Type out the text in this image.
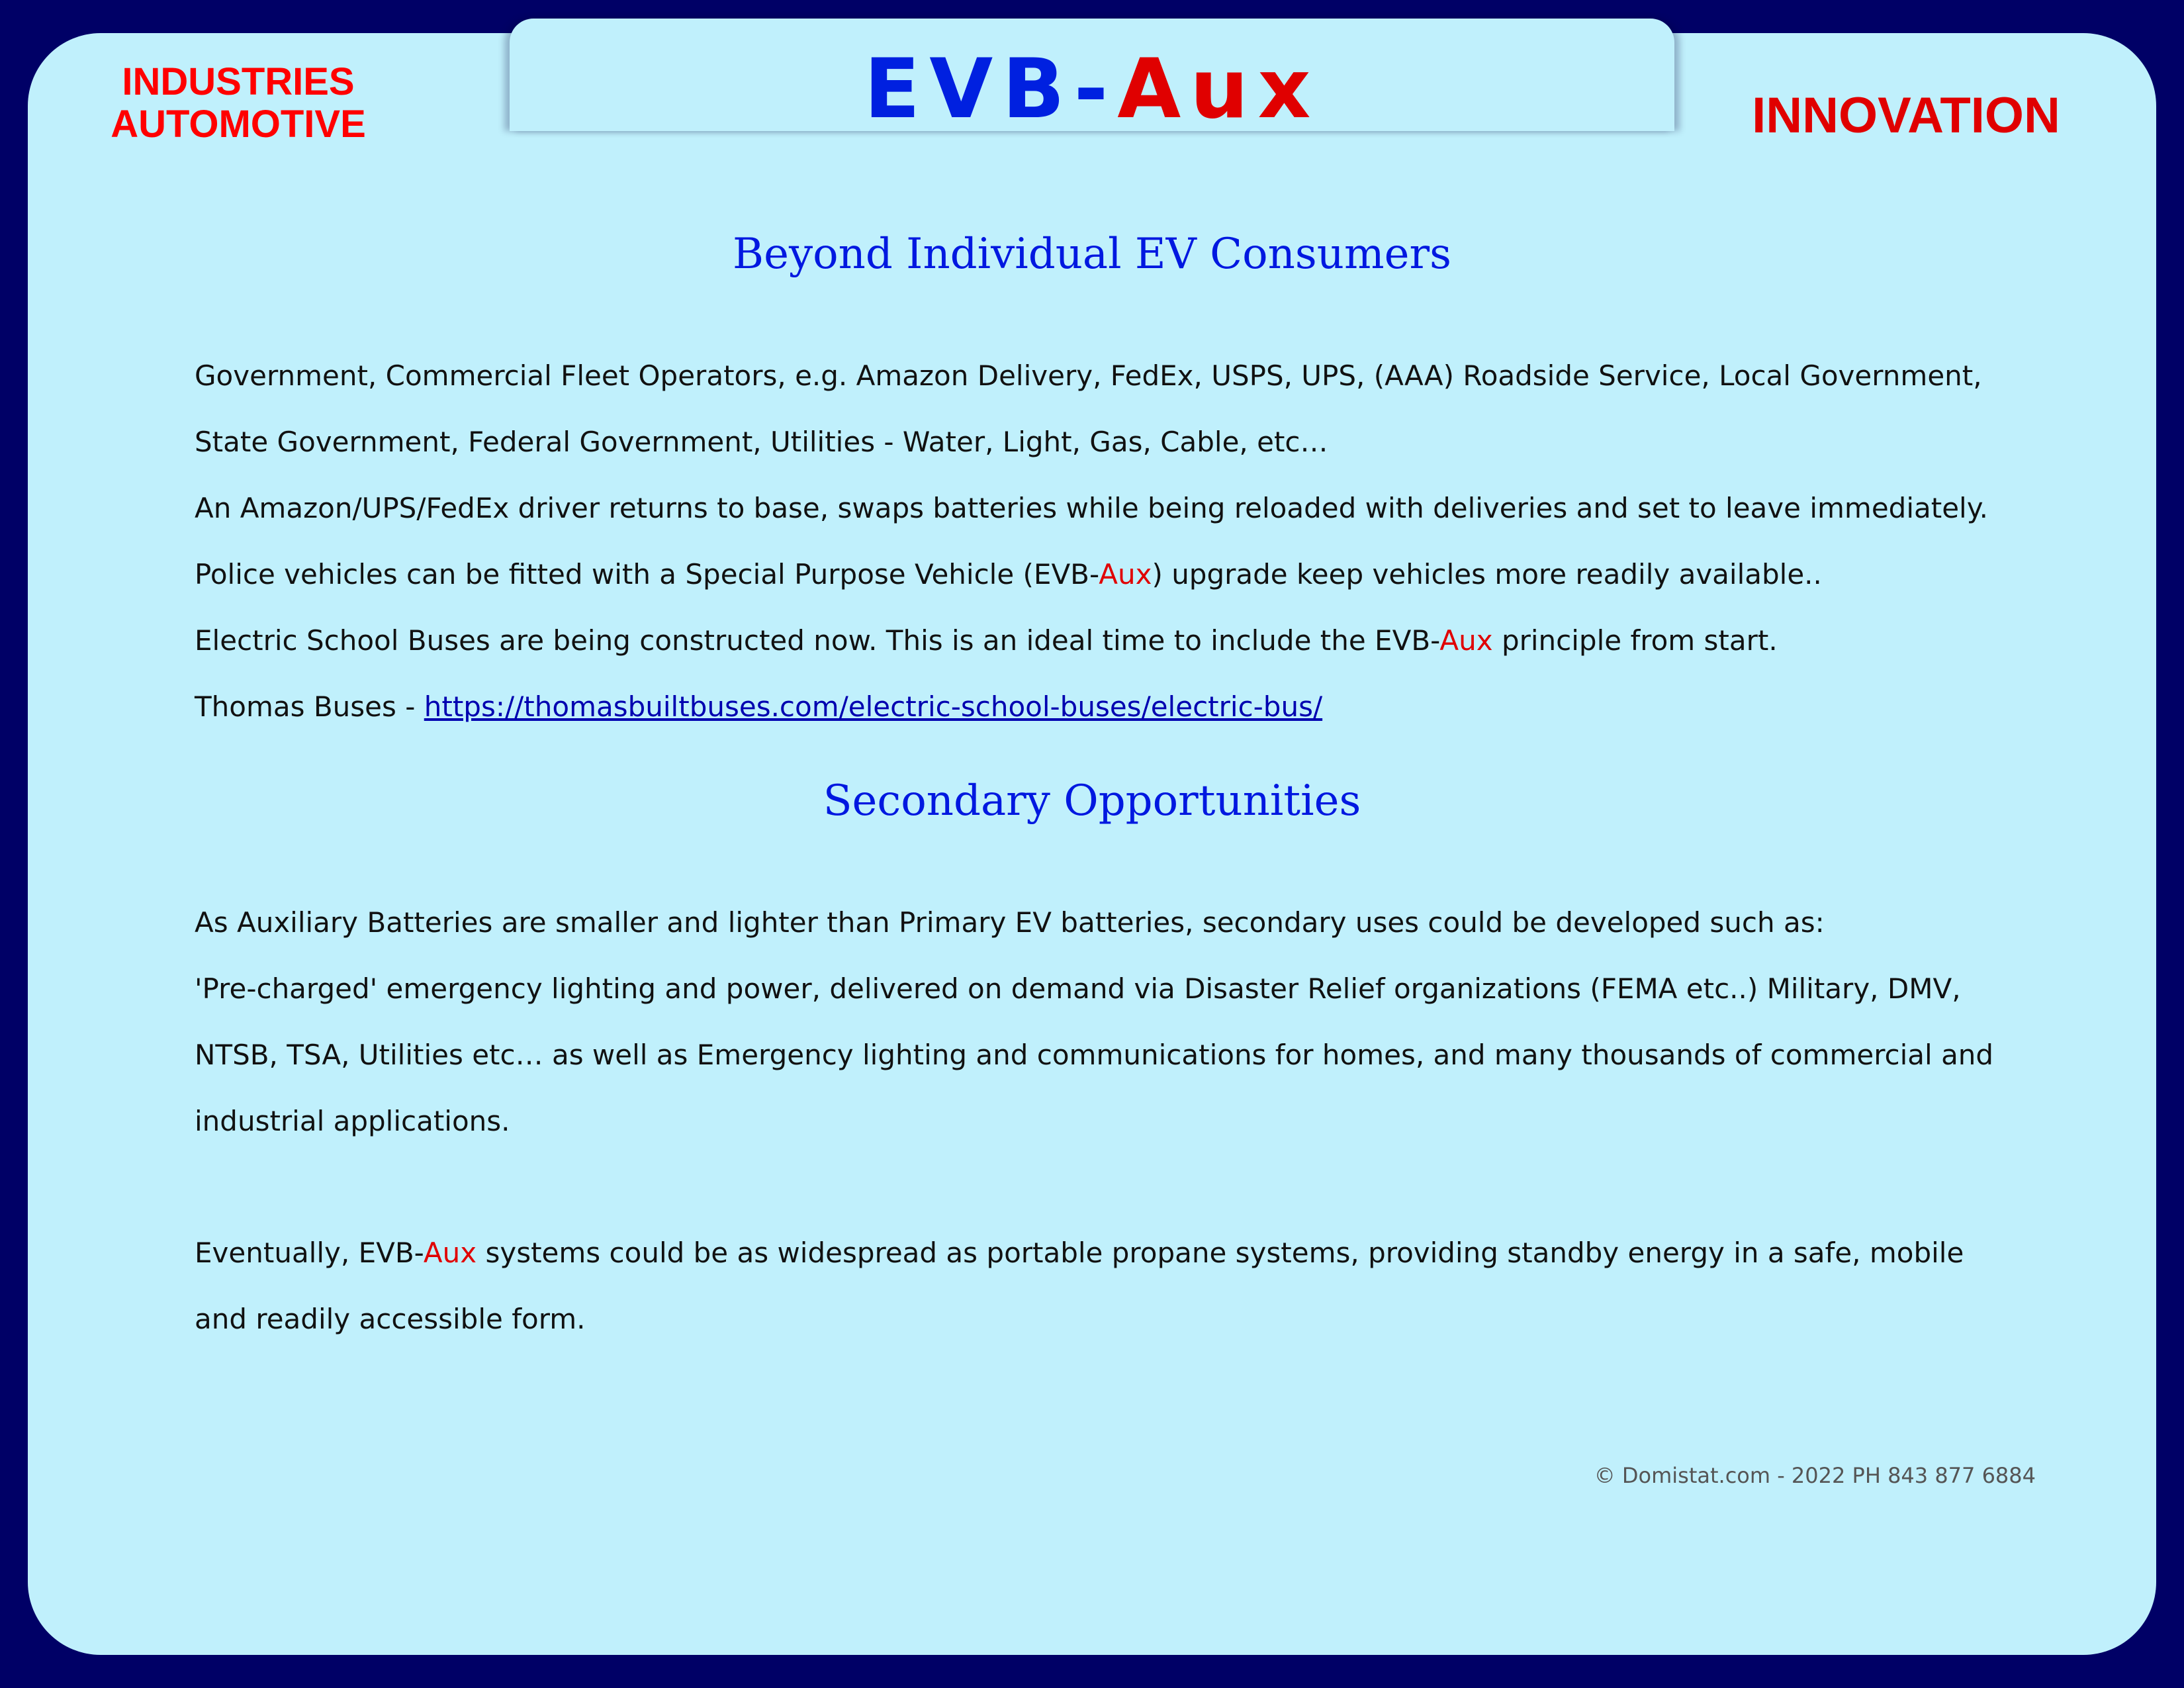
INDUSTRIES
AUTOMOTIVE	EVB-Aux	INNOVATION
Beyond Individual EV Consumers

Government, Commercial Fleet Operators, e.g. Amazon Delivery, FedEx, USPS, UPS, (AAA) Roadside Service, Local Government, State Government, Federal Government, Utilities - Water, Light, Gas, Cable, etc…

An Amazon/UPS/FedEx driver returns to base, swaps batteries while being reloaded with deliveries and set to leave immediately. Police vehicles can be fitted with a Special Purpose Vehicle (EVB-Aux) upgrade keep vehicles more readily available..

Electric School Buses are being constructed now. This is an ideal time to include the EVB-Aux principle from start.

Thomas Buses - https://thomasbuiltbuses.com/electric-school-buses/electric-bus/

Secondary Opportunities

As Auxiliary Batteries are smaller and lighter than Primary EV batteries, secondary uses could be developed such as:

'Pre-charged' emergency lighting and power, delivered on demand via Disaster Relief organizations (FEMA etc..) Military, DMV, NTSB, TSA, Utilities etc… as well as Emergency lighting and communications for homes, and many thousands of commercial and industrial applications.

Eventually, EVB-Aux systems could be as widespread as portable propane systems, providing standby energy in a safe, mobile and readily accessible form.

© Domistat.com - 2022 PH 843 877 6884
